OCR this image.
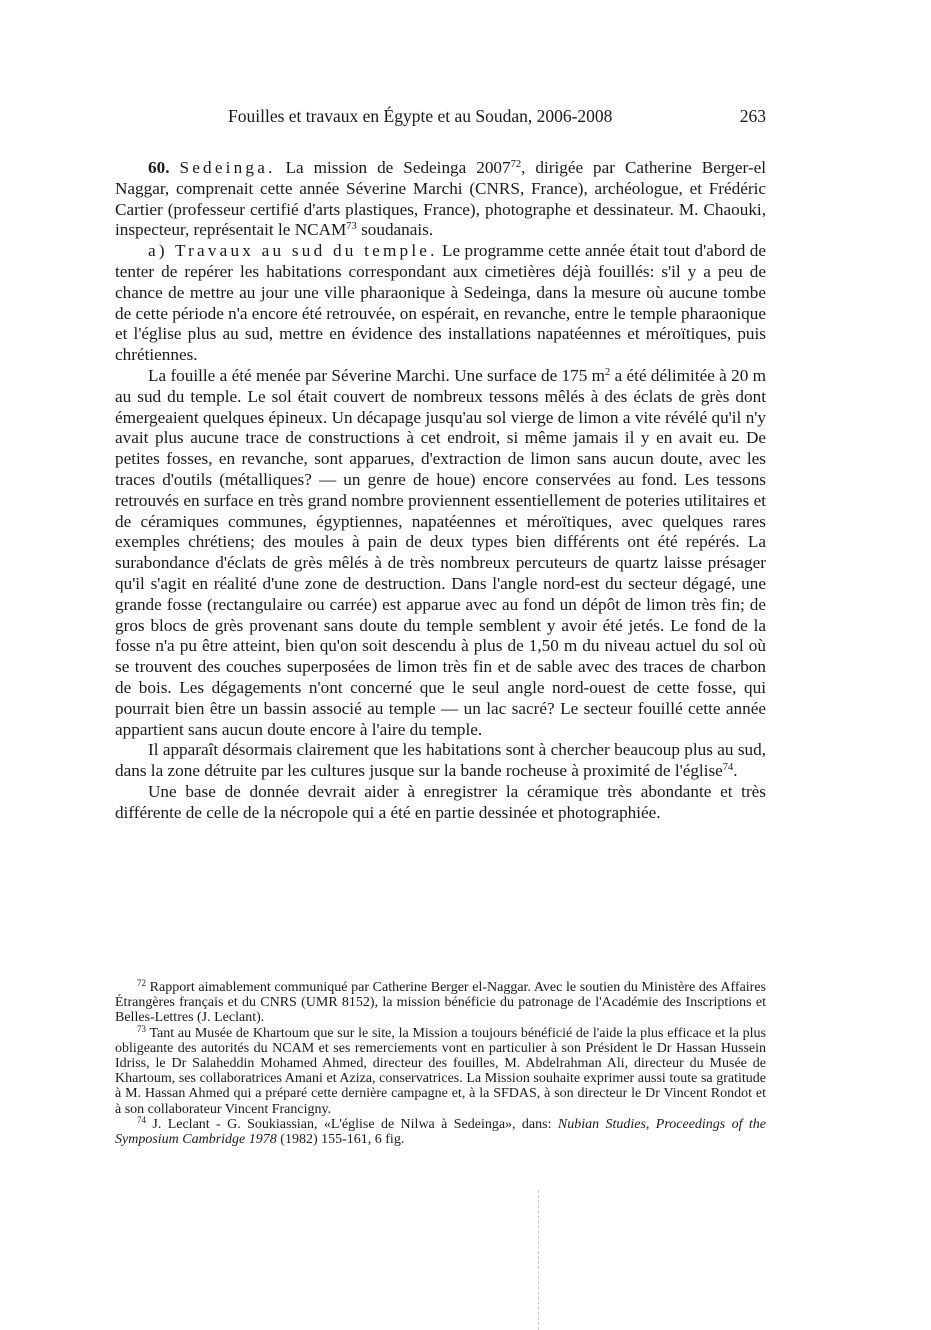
Fouilles et travaux en Égypte et au Soudan, 2006-2008	263

60. Sedeinga. La mission de Sedeinga 2007$^{72}$, dirigée par Catherine Berger-el Naggar, comprenait cette année Séverine Marchi (CNRS, France), archéologue, et Frédéric Cartier (professeur certifié d'arts plastiques, France), photographe et dessinateur. M. Chaouki, inspecteur, représentait le NCAM$^{73}$ soudanais.

a) Travaux au sud du temple. Le programme cette année était tout d'abord de tenter de repérer les habitations correspondant aux cimetières déjà fouillés: s'il y a peu de chance de mettre au jour une ville pharaonique à Sedeinga, dans la mesure où aucune tombe de cette période n'a encore été retrouvée, on espérait, en revanche, entre le temple pharaonique et l'église plus au sud, mettre en évidence des installations napatéennes et méroïtiques, puis chrétiennes.

La fouille a été menée par Séverine Marchi. Une surface de 175 $m^2$ a été délimitée à 20 m au sud du temple. Le sol était couvert de nombreux tessons mêlés à des éclats de grès dont émergeaient quelques épineux. Un décapage jusqu'au sol vierge de limon a vite révélé qu'il n'y avait plus aucune trace de constructions à cet endroit, si même jamais il y en avait eu. De petites fosses, en revanche, sont apparues, d'extraction de limon sans aucun doute, avec les traces d'outils (métalliques? — un genre de houe) encore conservées au fond. Les tessons retrouvés en surface en très grand nombre proviennent essentiellement de poteries utilitaires et de céramiques communes, égyptiennes, napatéennes et méroïtiques, avec quelques rares exemples chrétiens; des moules à pain de deux types bien différents ont été repérés. La surabondance d'éclats de grès mêlés à de très nombreux percuteurs de quartz laisse présager qu'il s'agit en réalité d'une zone de destruction. Dans l'angle nord-est du secteur dégagé, une grande fosse (rectangulaire ou carrée) est apparue avec au fond un dépôt de limon très fin; de gros blocs de grès provenant sans doute du temple semblent y avoir été jetés. Le fond de la fosse n'a pu être atteint, bien qu'on soit descendu à plus de 1,50 m du niveau actuel du sol où se trouvent des couches superposées de limon très fin et de sable avec des traces de charbon de bois. Les dégagements n'ont concerné que le seul angle nord-ouest de cette fosse, qui pourrait bien être un bassin associé au temple — un lac sacré? Le secteur fouillé cette année appartient sans aucun doute encore à l'aire du temple.

Il apparaît désormais clairement que les habitations sont à chercher beaucoup plus au sud, dans la zone détruite par les cultures jusque sur la bande rocheuse à proximité de l'église$^{74}$.

Une base de donnée devrait aider à enregistrer la céramique très abondante et très différente de celle de la nécropole qui a été en partie dessinée et photographiée.

$^{72}$ Rapport aimablement communiqué par Catherine Berger el-Naggar. Avec le soutien du Ministère des Affaires Étrangères français et du CNRS (UMR 8152), la mission bénéficie du patronage de l'Académie des Inscriptions et Belles-Lettres (J. Leclant).

$^{73}$ Tant au Musée de Khartoum que sur le site, la Mission a toujours bénéficié de l'aide la plus efficace et la plus obligeante des autorités du NCAM et ses remerciements vont en particulier à son Président le Dr Hassan Hussein Idriss, le Dr Salaheddin Mohamed Ahmed, directeur des fouilles, M. Abdelrahman Ali, directeur du Musée de Khartoum, ses collaboratrices Amani et Aziza, conservatrices. La Mission souhaite exprimer aussi toute sa gratitude à M. Hassan Ahmed qui a préparé cette dernière campagne et, à la SFDAS, à son directeur le Dr Vincent Rondot et à son collaborateur Vincent Francigny.

$^{74}$ J. Leclant - G. Soukiassian, «L'église de Nilwa à Sedeinga», dans: Nubian Studies, Proceedings of the Symposium Cambridge 1978 (1982) 155-161, 6 fig.
